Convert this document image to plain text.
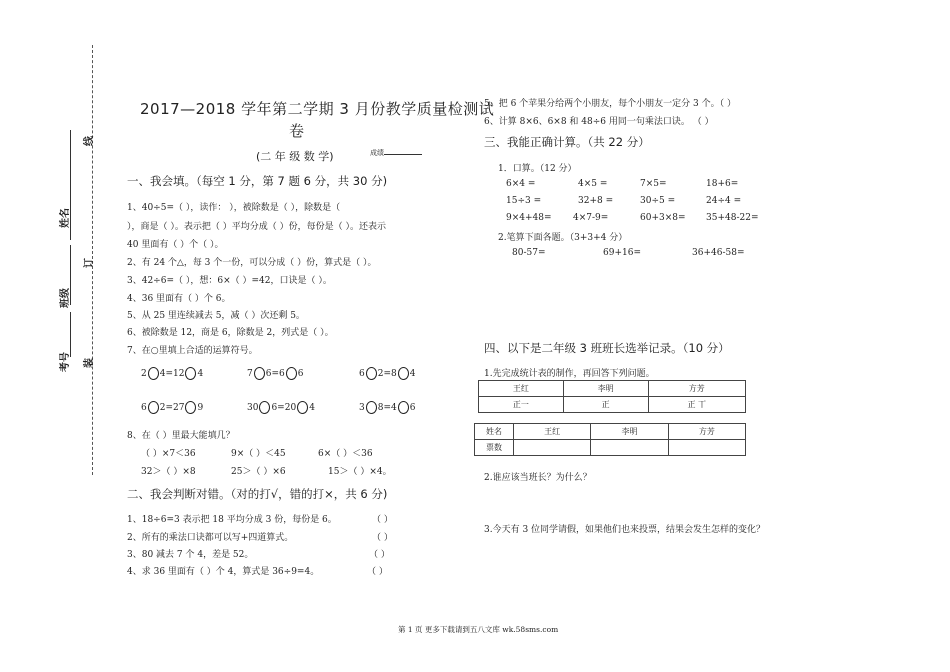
考号	装
班级
订
姓名
线
2017—2018 学年第二学期 3 月份教学质量检测试
卷
(二 年 级 数 学)	成绩
一、我会填。（每空 1 分，第 7 题 6 分，共 30 分)
1、40÷5=（ ），读作： ），被除数是（ ），除数是（
），商是（ ）。表示把（ ）平均分成（ ）份，每份是（ ）。还表示
40 里面有（ ）个（ ）。
2、有 24 个△，每 3 个一份，可以分成（ ）份，算式是（ ）。
3、42÷6=（ ），想：6×（ ）=42，口诀是（ ）。
4、36 里面有（ ）个 6。
5、从 25 里连续减去 5，减（ ）次还剩 5。
6、被除数是 12，商是 6，除数是 2，列式是（ ）。
7、在○里填上合适的运算符号。
2 4=12 4	7 6=6 6	6 2=8 4
6 2=27 9	30 6=20 4	3 8=4 6
8、在（ ）里最大能填几？
（ ）×7＜36	9×（ ）＜45	6×（ ）＜36
32＞（ ）×8	25＞（ ）×6	15＞（ ）×4。
二、我会判断对错。（对的打√，错的打×，共 6 分)
1、18÷6=3 表示把 18 平均分成 3 份，每份是 6。	（ ）
2、所有的乘法口诀都可以写+四道算式。	（ ）
3、80 减去 7 个 4，差是 52。	（ ）
4、求 36 里面有（ ）个 4，算式是 36÷9=4。	（ ）
5、把 6 个苹果分给两个小朋友，每个小朋友一定分 3 个。（ ）
6、计算 8×6、6×8 和 48÷6 用同一句乘法口诀。 （ ）
三、我能正确计算。（共 22 分）
1．口算。（12 分）
6×4 =	4×5 =	7×5=	18+6=
15÷3 =	32+8 =	30÷5 =	24÷4 =
9×4+48= 4×7-9=	60+3×8= 35+48-22=
2.笔算下面各题。（3+3+4 分）
80-57=	69+16=	36+46-58=
四、以下是二年级 3 班班长选举记录。（10 分）
1.先完成统计表的制作，再回答下列问题。
王红	李明	方芳
正一	正	正 丅
姓名	王红	李明	方芳
票数			
2.谁应该当班长？为什么？
3.今天有 3 位同学请假，如果他们也来投票，结果会发生怎样的变化？
第 1 页 更多下载请到五八文库 wk.58sms.com
